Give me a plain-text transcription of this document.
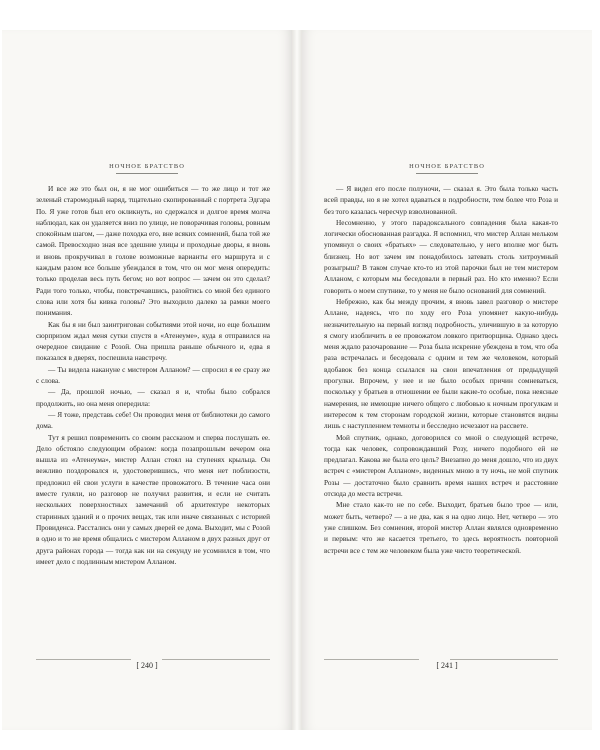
НОЧНОЕ БРАТСТВО

И все же это был он, я не мог ошибиться — то же лицо и тот же зеленый старомодный наряд, тщательно скопированный с портрета Эдгара По. Я уже готов был его окликнуть, но сдержался и долгое время молча наблюдал, как он удаляется вниз по улице, не поворачивая головы, ровным спокойным шагом, — даже походка его, вне всяких сомнений, была той же самой. Превосходно зная все здешние улицы и проходные дворы, я вновь и вновь прокручивал в голове возможные варианты его маршрута и с каждым разом все больше убеждался в том, что он мог меня опередить: только проделав весь путь бегом; но вот вопрос — зачем он это сделал? Ради того только, чтобы, повстречавшись, разойтись со мной без единого слова или хотя бы кивка головы? Это выходило далеко за рамки моего понимания.

Как бы я ни был заинтригован событиями этой ночи, но еще большим сюрпризом ждал меня сутки спустя в «Атенеуме», куда я отправился на очередное свидание с Розой. Она пришла раньше обычного и, едва я показался в дверях, поспешила навстречу.

— Ты видела накануне с мистером Алланом? — спросил я ее сразу же с слова.

— Да, прошлой ночью, — сказал я и, чтобы было собрался продолжить, но она меня опередила:

— Я тоже, представь себе! Он проводил меня от библиотеки до самого дома.

Тут я решил повременить со своим рассказом и сперва послушать ее. Дело обстояло следующим образом: когда позапрошлым вечером она вышла из «Атенеума», мистер Аллан стоял на ступенях крыльца. Он вежливо поздоровался и, удостоверившись, что меня нет поблизости, предложил ей свои услуги в качестве провожатого. В течение часа они вместе гуляли, но разговор не получил развития, и если не считать нескольких поверхностных замечаний об архитектуре некоторых старинных зданий и о прочих вещах, так или иначе связанных с историей Провиденса. Расстались они у самых дверей ее дома. Выходит, мы с Розой в одно и то же время общались с мистером Алланом в двух разных друг от друга районах города — тогда как ни на секунду не усомнился в том, что имеет дело с подлинным мистером Алланом.

[ 240 ]
НОЧНОЕ БРАТСТВО

— Я видел его после полуночи, — сказал я. Это была только часть всей правды, но я не хотел вдаваться в подробности, тем более что Роза и без того казалась чересчур взволнованной.

Несомненно, у этого парадоксального совпадения была какая-то логически обоснованная разгадка. Я вспомнил, что мистер Аллан мельком упомянул о своих «братьях» — следовательно, у него вполне мог быть близнец. Но вот зачем им понадобилось затевать столь хитроумный розыгрыш? В таком случае кто-то из этой парочки был не тем мистером Алланом, с которым мы беседовали в первый раз. Но кто именно? Если говорить о моем спутнике, то у меня не было оснований для сомнений.

Небрежно, как бы между прочим, я вновь завел разговор о мистере Аллане, надеясь, что по ходу его Роза упомянет какую-нибудь незначительную на первый взгляд подробность, уличившую в за которую я смогу изобличить в ее провожатом ловкого притворщика. Однако здесь меня ждало разочарование — Роза была искренне убеждена в том, что оба раза встречалась и беседовала с одним и тем же человеком, который вдобавок без конца ссылался на свои впечатления от предыдущей прогулки. Впрочем, у нее и не было особых причин сомневаться, поскольку у братьев в отношении ее были какие-то особые, пока неясные намерения, не имеющие ничего общего с любовью к ночным прогулкам и интересом к тем сторонам городской жизни, которые становятся видны лишь с наступлением темноты и бесследно исчезают на рассвете.

Мой спутник, однако, договорился со мной о следующей встрече, тогда как человек, сопровождавший Розу, ничего подобного ей не предлагал. Какова же была его цель? Внезапно до меня дошло, что из двух встреч с «мистером Алланом», виденных мною в ту ночь, не мой спутник Розы — достаточно было сравнить время наших встреч и расстояние отсюда до места встречи.

Мне стало как-то не по себе. Выходит, братьев было трое — или, может быть, четверо? — а не два, как я на одно лицо. Нет, четверо — это уже слишком. Без сомнения, второй мистер Аллан являлся одновременно и первым: что же касается третьего, то здесь вероятность повторной встречи все с тем же человеком была уже чисто теоретической.

[ 241 ]
